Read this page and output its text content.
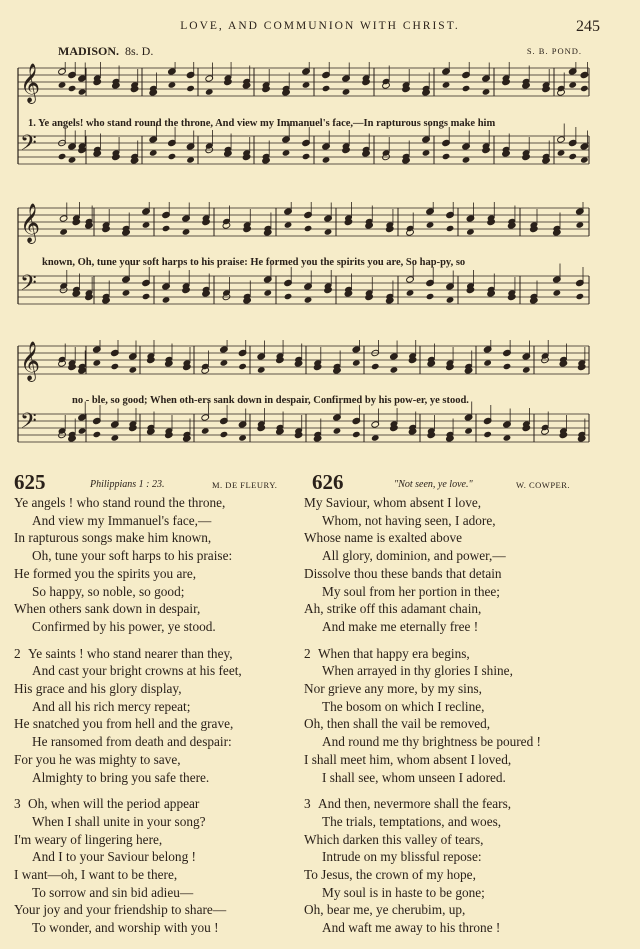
LOVE, AND COMMUNION WITH CHRIST.	245
MADISON. 8s. D.	S. B. POND.
𝄞
𝄢
1. Ye angels! who stand round the throne, And view my Immanuel's face,—In rapturous songs make him
𝄞
𝄢
known, Oh, tune your soft harps to his praise: He formed you the spirits you are, So hap-py, so
𝄞
𝄢
no - ble, so good; When oth-ers sank down in despair, Confirmed by his pow-er, ye stood.
625	Philippians 1 : 23.	M. DE FLEURY.
Ye angels ! who stand round the throne,
And view my Immanuel's face,—
In rapturous songs make him known,
Oh, tune your soft harps to his praise:
He formed you the spirits you are,
So happy, so noble, so good;
When others sank down in despair,
Confirmed by his power, ye stood.
2 Ye saints ! who stand nearer than they,
And cast your bright crowns at his feet,
His grace and his glory display,
And all his rich mercy repeat;
He snatched you from hell and the grave,
He ransomed from death and despair:
For you he was mighty to save,
Almighty to bring you safe there.
3 Oh, when will the period appear
When I shall unite in your song?
I'm weary of lingering here,
And I to your Saviour belong !
I want—oh, I want to be there,
To sorrow and sin bid adieu—
Your joy and your friendship to share—
To wonder, and worship with you !
626	"Not seen, ye love."	W. COWPER.
My Saviour, whom absent I love,
Whom, not having seen, I adore,
Whose name is exalted above
All glory, dominion, and power,—
Dissolve thou these bands that detain
My soul from her portion in thee;
Ah, strike off this adamant chain,
And make me eternally free !
2 When that happy era begins,
When arrayed in thy glories I shine,
Nor grieve any more, by my sins,
The bosom on which I recline,
Oh, then shall the vail be removed,
And round me thy brightness be poured !
I shall meet him, whom absent I loved,
I shall see, whom unseen I adored.
3 And then, nevermore shall the fears,
The trials, temptations, and woes,
Which darken this valley of tears,
Intrude on my blissful repose:
To Jesus, the crown of my hope,
My soul is in haste to be gone;
Oh, bear me, ye cherubim, up,
And waft me away to his throne !
